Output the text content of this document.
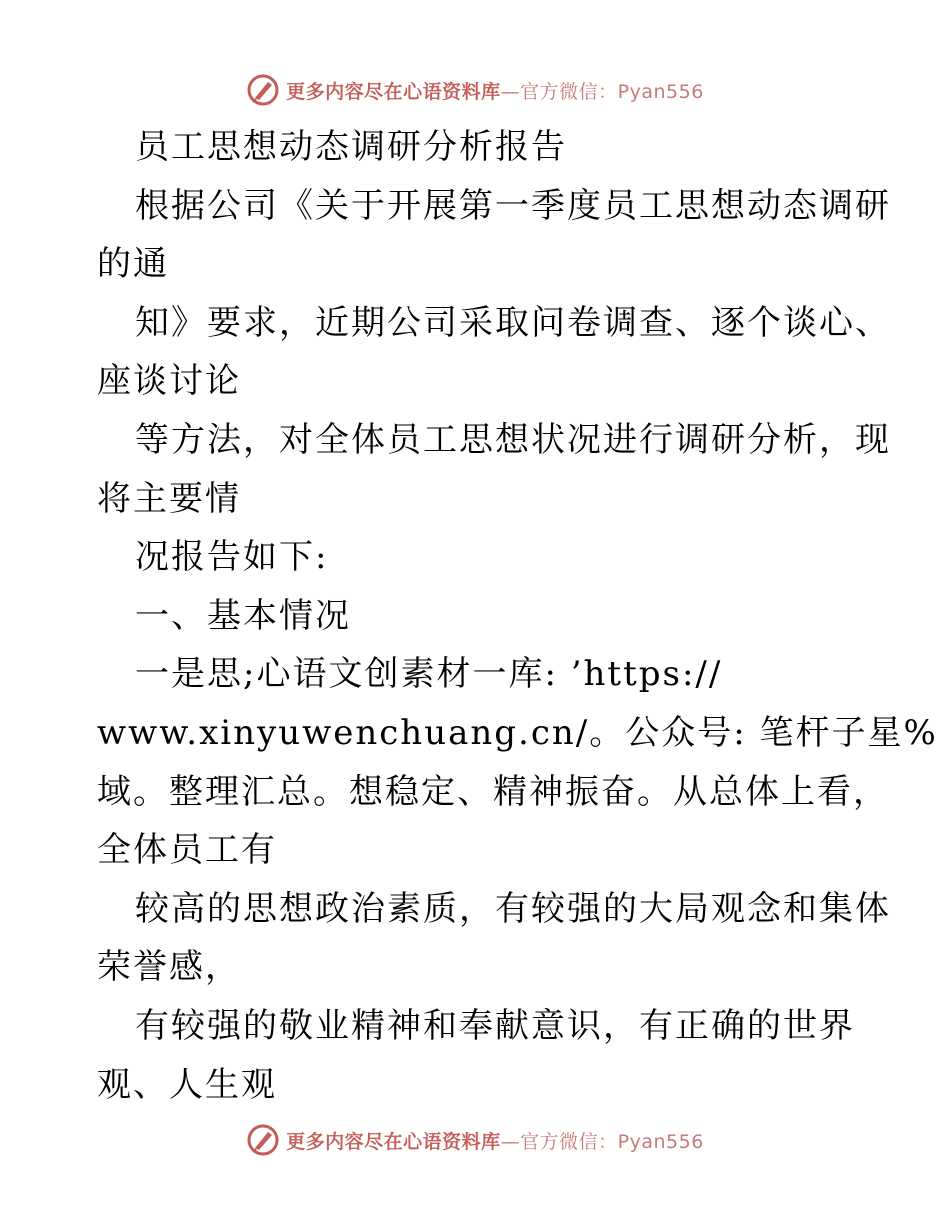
更多内容尽在心语资料库—官方微信：Pyan556
员工思想动态调研分析报告
根据公司《关于开展第一季度员工思想动态调研
的通
知》要求，近期公司采取问卷调查、逐个谈心、
座谈讨论
等方法，对全体员工思想状况进行调研分析，现
将主要情
况报告如下:
一、基本情况
一是思;心语文创素材一库: ’https://
www.xinyuwenchuang.cn/。公众号: 笔杆子星%
域。整理汇总。想稳定、精神振奋。从总体上看，
全体员工有
较高的思想政治素质，有较强的大局观念和集体
荣誉感，
有较强的敬业精神和奉献意识，有正确的世界
观、人生观
更多内容尽在心语资料库—官方微信：Pyan556
